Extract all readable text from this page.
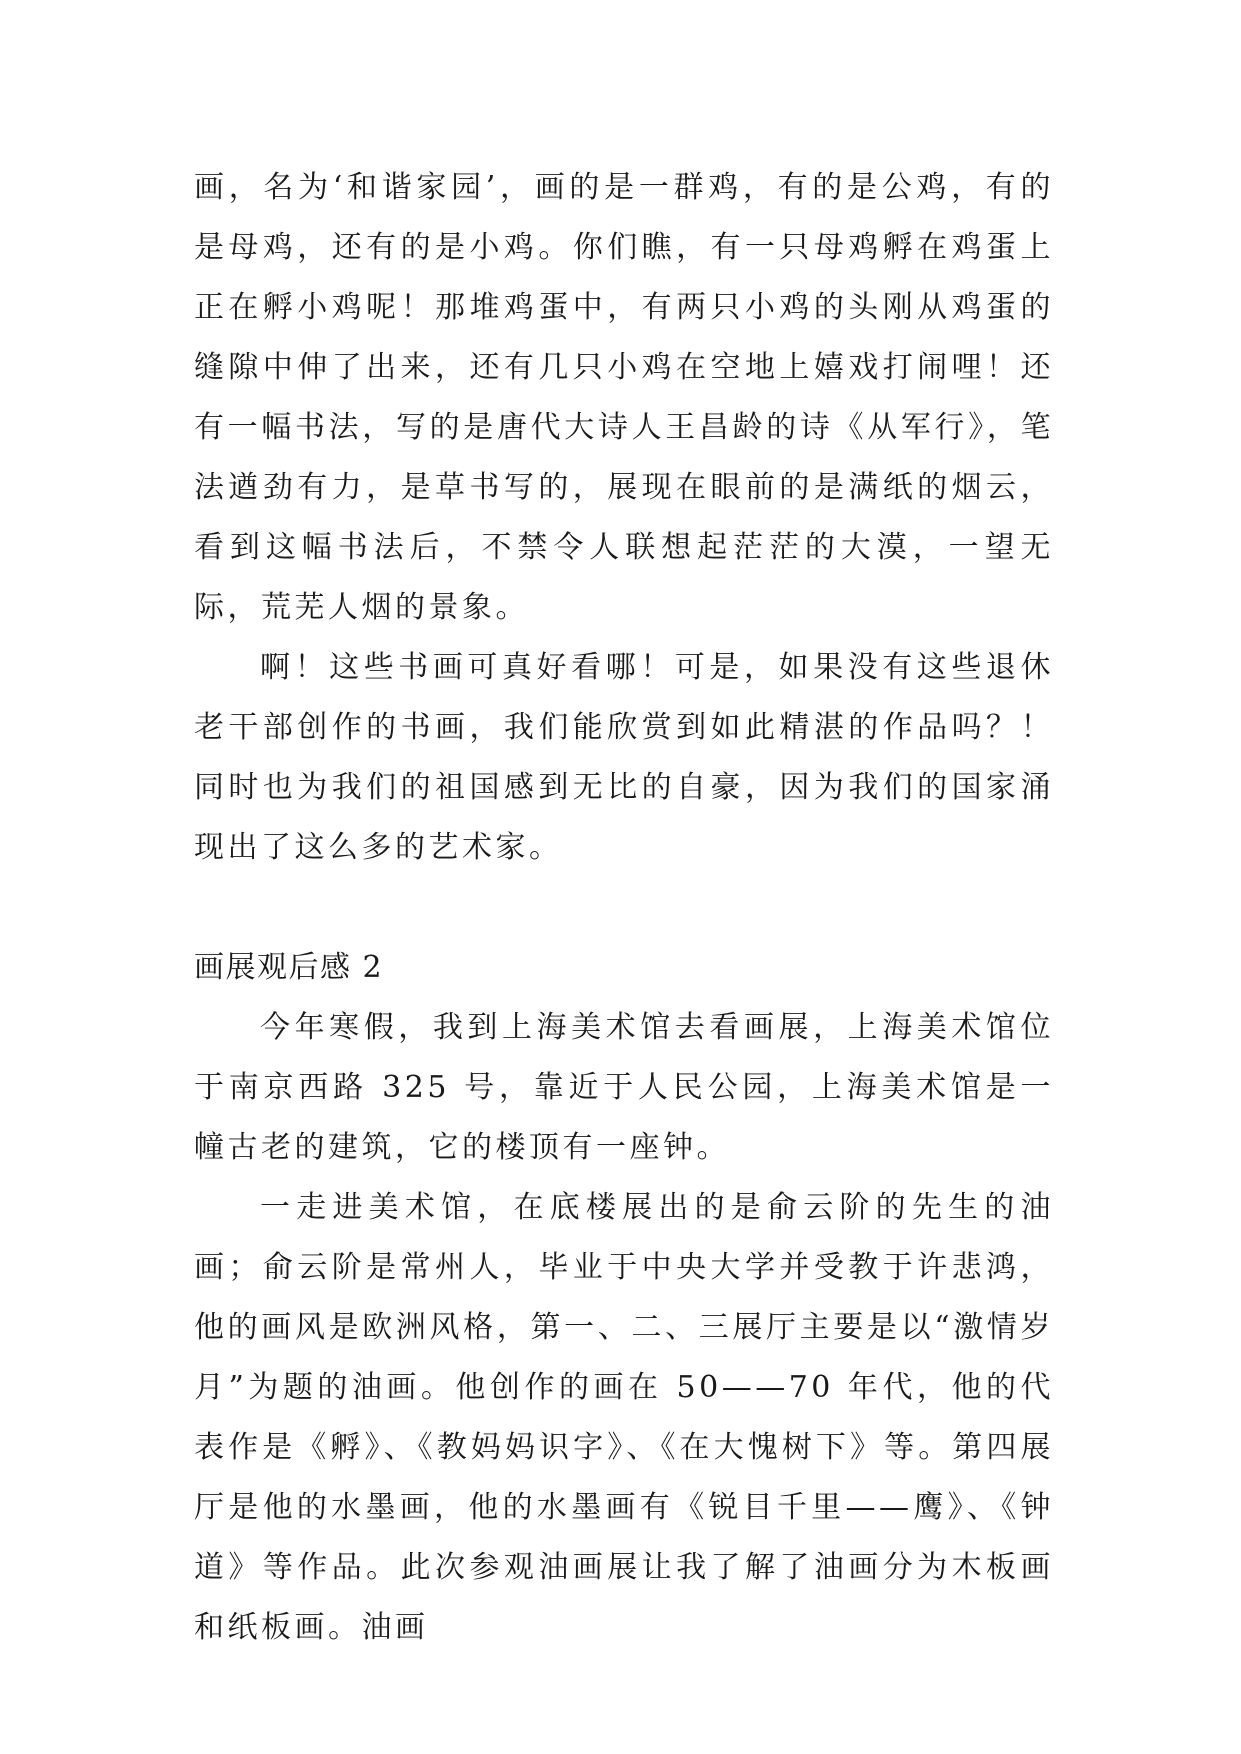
画，名为‘和谐家园’，画的是一群鸡，有的是公鸡，有的是母鸡，还有的是小鸡。你们瞧，有一只母鸡孵在鸡蛋上正在孵小鸡呢！那堆鸡蛋中，有两只小鸡的头刚从鸡蛋的缝隙中伸了出来，还有几只小鸡在空地上嬉戏打闹哩！还有一幅书法，写的是唐代大诗人王昌龄的诗《从军行》，笔法遒劲有力，是草书写的，展现在眼前的是满纸的烟云，看到这幅书法后，不禁令人联想起茫茫的大漠，一望无际，荒芜人烟的景象。

啊！这些书画可真好看哪！可是，如果没有这些退休老干部创作的书画，我们能欣赏到如此精湛的作品吗？！同时也为我们的祖国感到无比的自豪，因为我们的国家涌现出了这么多的艺术家。

画展观后感 2

今年寒假，我到上海美术馆去看画展，上海美术馆位于南京西路 325 号，靠近于人民公园，上海美术馆是一幢古老的建筑，它的楼顶有一座钟。

一走进美术馆，在底楼展出的是俞云阶的先生的油画；俞云阶是常州人，毕业于中央大学并受教于许悲鸿，他的画风是欧洲风格，第一、二、三展厅主要是以“激情岁月”为题的油画。他创作的画在 50——70 年代，他的代表作是《孵》、《教妈妈识字》、《在大愧树下》等。第四展厅是他的水墨画，他的水墨画有《锐目千里——鹰》、《钟道》等作品。此次参观油画展让我了解了油画分为木板画和纸板画。油画
